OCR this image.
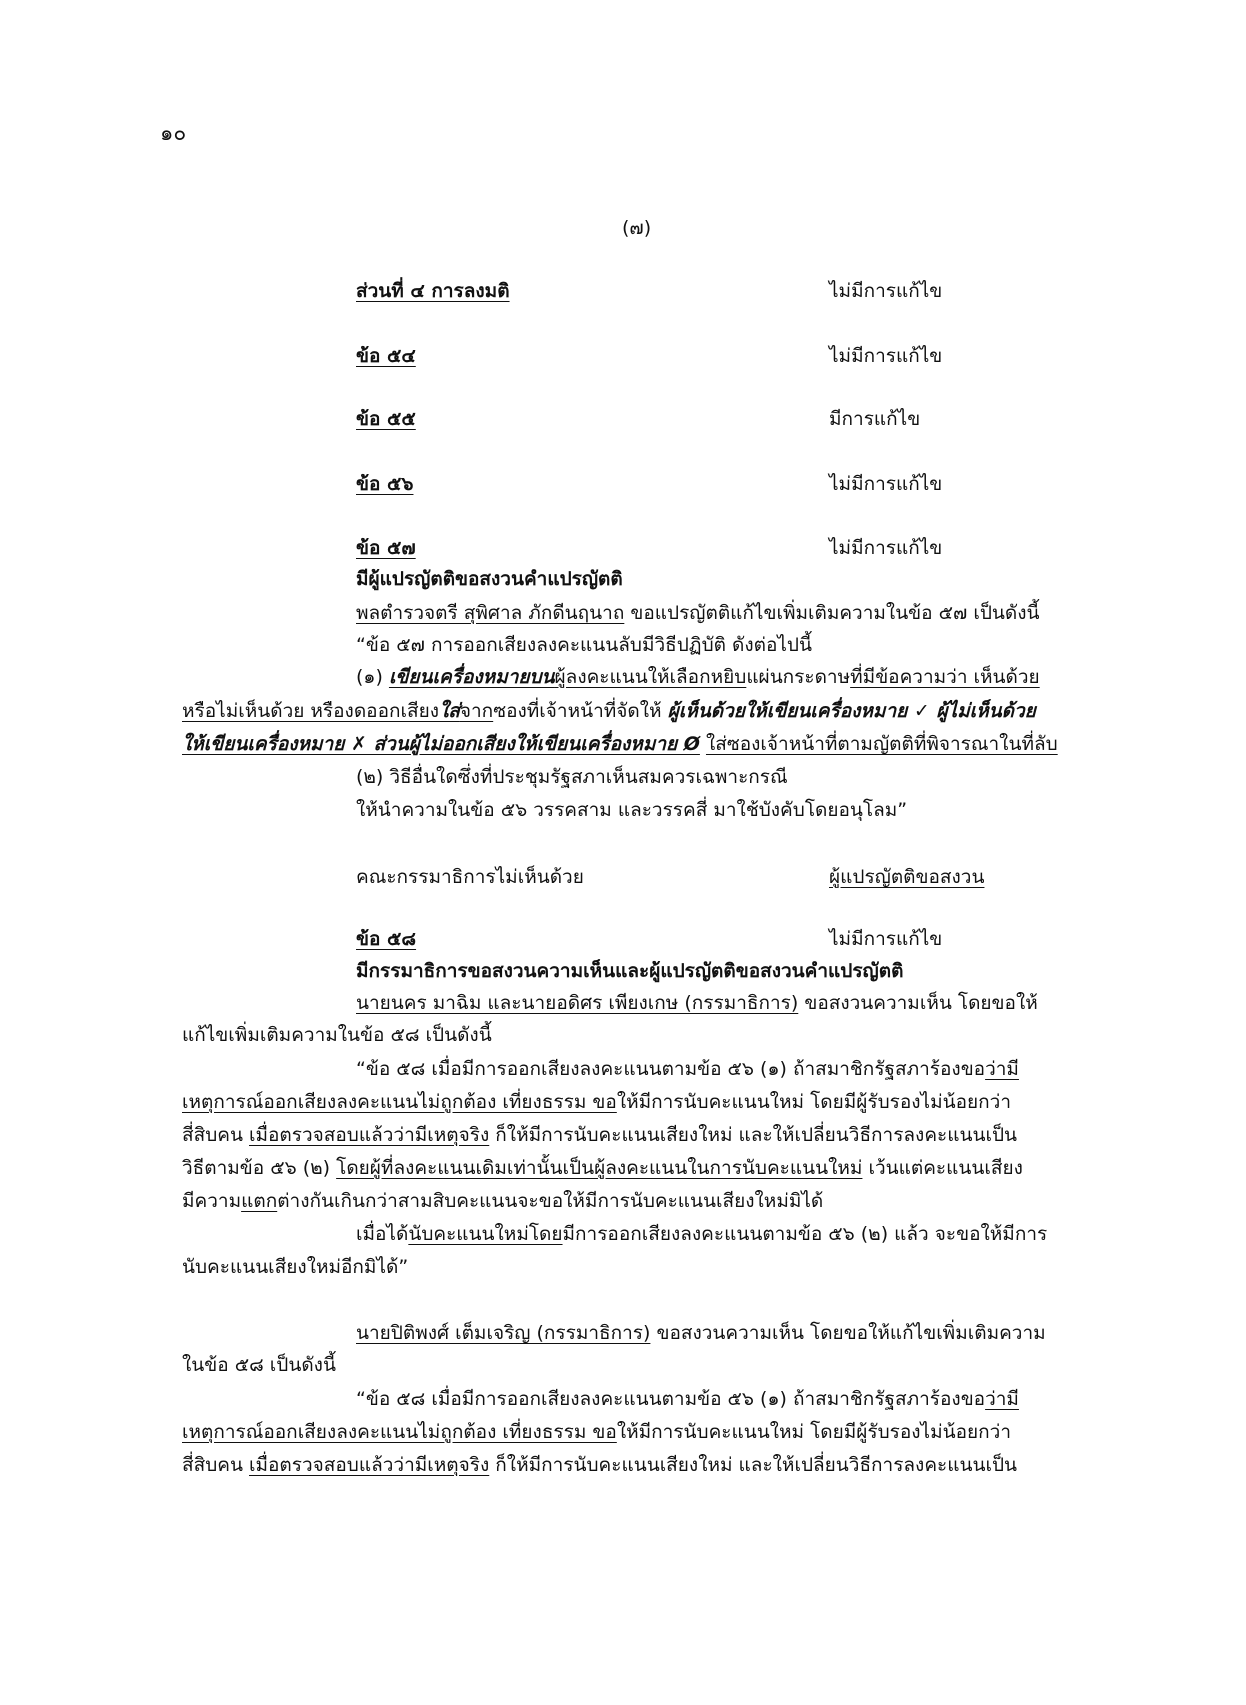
๑๐
(๗)
ส่วนที่ ๔ การลงมติ	ไม่มีการแก้ไข
ข้อ ๕๔	ไม่มีการแก้ไข
ข้อ ๕๕	มีการแก้ไข
ข้อ ๕๖	ไม่มีการแก้ไข
ข้อ ๕๗	ไม่มีการแก้ไข
มีผู้แปรญัตติขอสงวนคำแปรญัตติ
พลตำรวจตรี สุพิศาล ภักดีนฤนาถ ขอแปรญัตติแก้ไขเพิ่มเติมความในข้อ ๕๗ เป็นดังนี้
“ข้อ ๕๗ การออกเสียงลงคะแนนลับมีวิธีปฏิบัติ ดังต่อไปนี้
(๑) เขียนเครื่องหมายบนผู้ลงคะแนนให้เลือกหยิบแผ่นกระดาษที่มีข้อความว่า เห็นด้วย
หรือไม่เห็นด้วย หรืองดออกเสียงใส่จากซองที่เจ้าหน้าที่จัดให้ ผู้เห็นด้วยให้เขียนเครื่องหมาย ✓ ผู้ไม่เห็นด้วย
ให้เขียนเครื่องหมาย ✗ ส่วนผู้ไม่ออกเสียงให้เขียนเครื่องหมาย Ø ใส่ซองเจ้าหน้าที่ตามญัตติที่พิจารณาในที่ลับ
(๒) วิธีอื่นใดซึ่งที่ประชุมรัฐสภาเห็นสมควรเฉพาะกรณี
ให้นำความในข้อ ๕๖ วรรคสาม และวรรคสี่ มาใช้บังคับโดยอนุโลม”
คณะกรรมาธิการไม่เห็นด้วย	ผู้แปรญัตติขอสงวน
ข้อ ๕๘	ไม่มีการแก้ไข
มีกรรมาธิการขอสงวนความเห็นและผู้แปรญัตติขอสงวนคำแปรญัตติ
นายนคร มาฉิม และนายอดิศร เพียงเกษ (กรรมาธิการ) ขอสงวนความเห็น โดยขอให้
แก้ไขเพิ่มเติมความในข้อ ๕๘ เป็นดังนี้
“ข้อ ๕๘ เมื่อมีการออกเสียงลงคะแนนตามข้อ ๕๖ (๑) ถ้าสมาชิกรัฐสภาร้องขอว่ามี
เหตุการณ์ออกเสียงลงคะแนนไม่ถูกต้อง เที่ยงธรรม ขอให้มีการนับคะแนนใหม่ โดยมีผู้รับรองไม่น้อยกว่า
สี่สิบคน เมื่อตรวจสอบแล้วว่ามีเหตุจริง ก็ให้มีการนับคะแนนเสียงใหม่ และให้เปลี่ยนวิธีการลงคะแนนเป็น
วิธีตามข้อ ๕๖ (๒) โดยผู้ที่ลงคะแนนเดิมเท่านั้นเป็นผู้ลงคะแนนในการนับคะแนนใหม่ เว้นแต่คะแนนเสียง
มีความแตกต่างกันเกินกว่าสามสิบคะแนนจะขอให้มีการนับคะแนนเสียงใหม่มิได้
เมื่อได้นับคะแนนใหม่โดยมีการออกเสียงลงคะแนนตามข้อ ๕๖ (๒) แล้ว จะขอให้มีการ
นับคะแนนเสียงใหม่อีกมิได้”
นายปิติพงศ์ เต็มเจริญ (กรรมาธิการ) ขอสงวนความเห็น โดยขอให้แก้ไขเพิ่มเติมความ
ในข้อ ๕๘ เป็นดังนี้
“ข้อ ๕๘ เมื่อมีการออกเสียงลงคะแนนตามข้อ ๕๖ (๑) ถ้าสมาชิกรัฐสภาร้องขอว่ามี
เหตุการณ์ออกเสียงลงคะแนนไม่ถูกต้อง เที่ยงธรรม ขอให้มีการนับคะแนนใหม่ โดยมีผู้รับรองไม่น้อยกว่า
สี่สิบคน เมื่อตรวจสอบแล้วว่ามีเหตุจริง ก็ให้มีการนับคะแนนเสียงใหม่ และให้เปลี่ยนวิธีการลงคะแนนเป็น
